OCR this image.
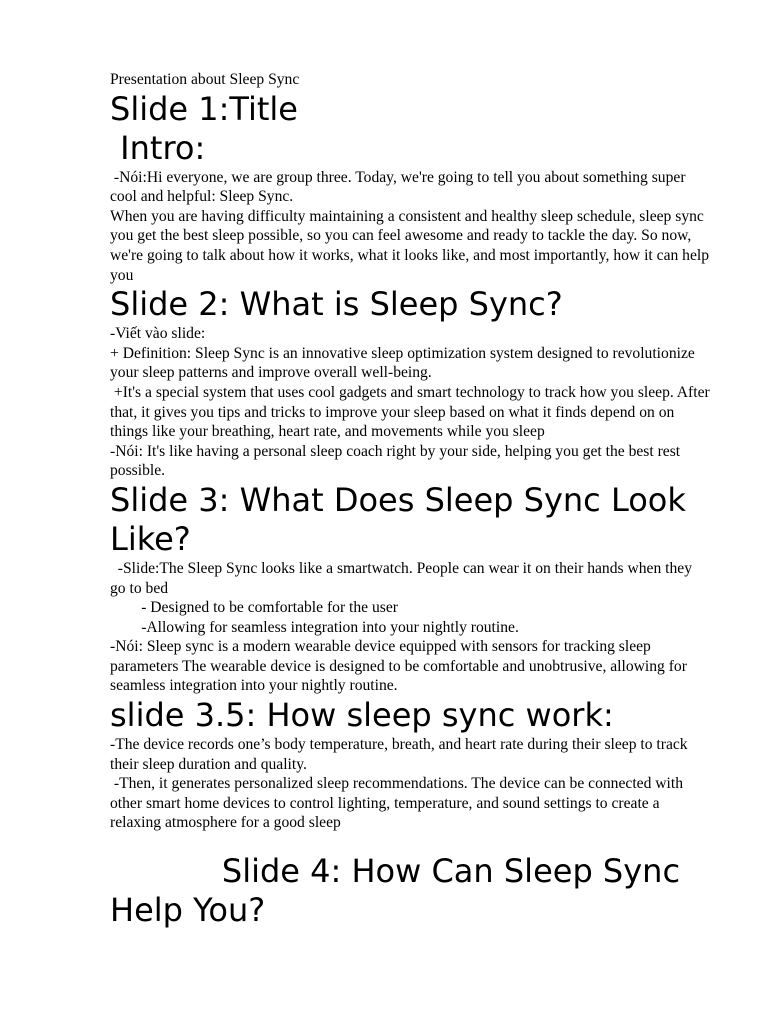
Presentation about Sleep Sync

Slide 1:Title
Intro:

-Nói:Hi everyone, we are group three. Today, we're going to tell you about something super cool and helpful: Sleep Sync.

When you are having difficulty maintaining a consistent and healthy sleep schedule, sleep sync you get the best sleep possible, so you can feel awesome and ready to tackle the day. So now, we're going to talk about how it works, what it looks like, and most importantly, how it can help you

Slide 2: What is Sleep Sync?

-Viết vào slide:

+ Definition: Sleep Sync is an innovative sleep optimization system designed to revolutionize your sleep patterns and improve overall well-being.

+It's a special system that uses cool gadgets and smart technology to track how you sleep. After that, it gives you tips and tricks to improve your sleep based on what it finds depend on on things like your breathing, heart rate, and movements while you sleep

-Nói: It's like having a personal sleep coach right by your side, helping you get the best rest possible.

Slide 3: What Does Sleep Sync Look Like?

-Slide:The Sleep Sync looks like a smartwatch. People can wear it on their hands when they go to bed

- Designed to be comfortable for the user

-Allowing for seamless integration into your nightly routine.

-Nói: Sleep sync is a modern wearable device equipped with sensors for tracking sleep parameters The wearable device is designed to be comfortable and unobtrusive, allowing for seamless integration into your nightly routine.

slide 3.5: How sleep sync work:

-The device records one’s body temperature, breath, and heart rate during their sleep to track their sleep duration and quality.

-Then, it generates personalized sleep recommendations. The device can be connected with other smart home devices to control lighting, temperature, and sound settings to create a relaxing atmosphere for a good sleep

Slide 4: How Can Sleep Sync Help You?
